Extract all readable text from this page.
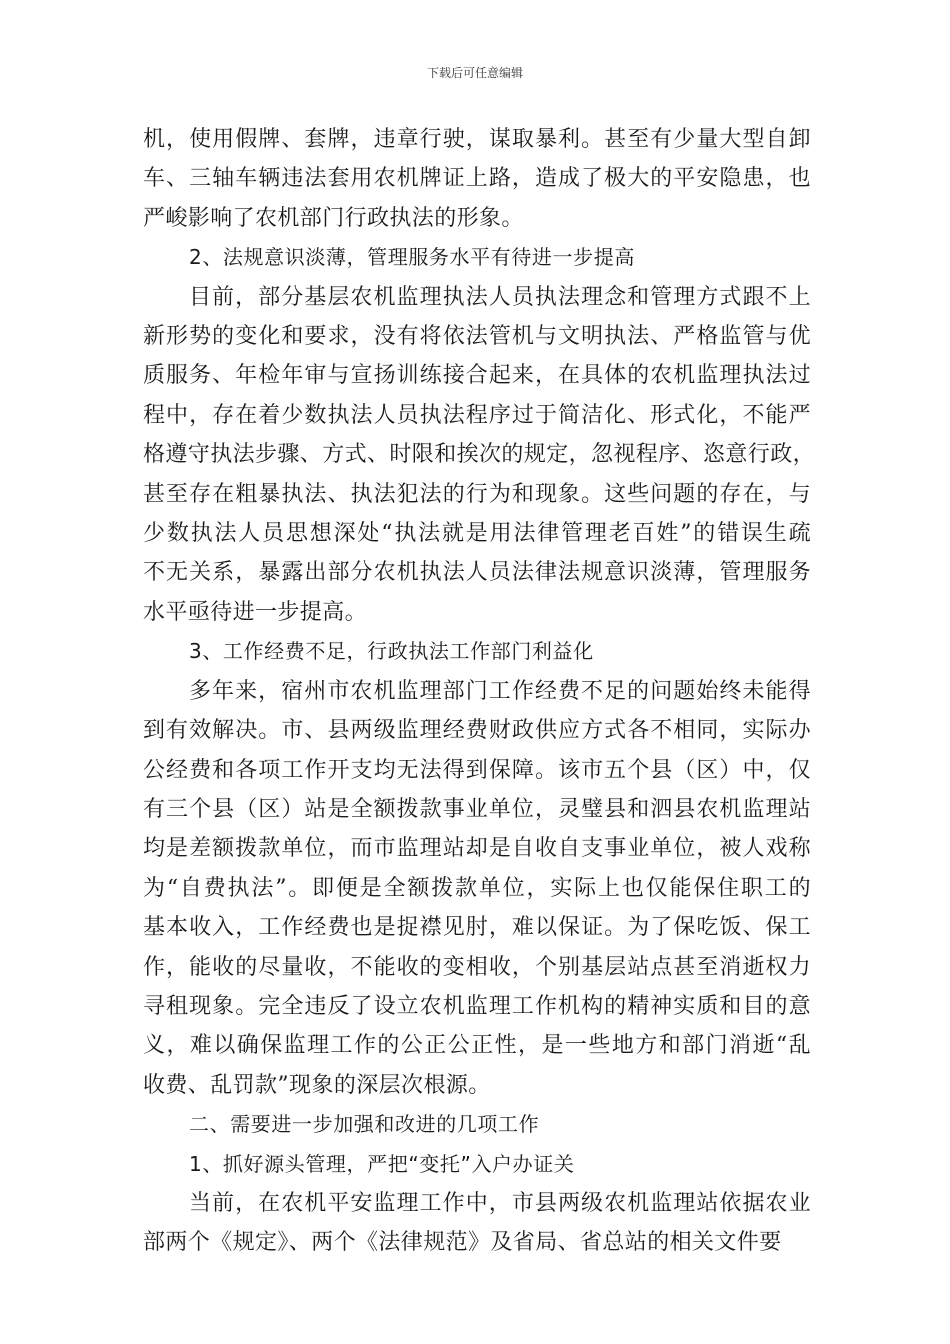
下载后可任意编辑
机，使用假牌、套牌，违章行驶，谋取暴利。甚至有少量大型自卸
车、三轴车辆违法套用农机牌证上路，造成了极大的平安隐患，也
严峻影响了农机部门行政执法的形象。

2、法规意识淡薄，管理服务水平有待进一步提高

目前，部分基层农机监理执法人员执法理念和管理方式跟不上
新形势的变化和要求，没有将依法管机与文明执法、严格监管与优
质服务、年检年审与宣扬训练接合起来，在具体的农机监理执法过
程中，存在着少数执法人员执法程序过于简洁化、形式化，不能严
格遵守执法步骤、方式、时限和挨次的规定，忽视程序、恣意行政，
甚至存在粗暴执法、执法犯法的行为和现象。这些问题的存在，与
少数执法人员思想深处“执法就是用法律管理老百姓”的错误生疏
不无关系，暴露出部分农机执法人员法律法规意识淡薄，管理服务
水平亟待进一步提高。

3、工作经费不足，行政执法工作部门利益化

多年来，宿州市农机监理部门工作经费不足的问题始终未能得
到有效解决。市、县两级监理经费财政供应方式各不相同，实际办
公经费和各项工作开支均无法得到保障。该市五个县（区）中，仅
有三个县（区）站是全额拨款事业单位，灵璧县和泗县农机监理站
均是差额拨款单位，而市监理站却是自收自支事业单位，被人戏称
为“自费执法”。即便是全额拨款单位，实际上也仅能保住职工的
基本收入，工作经费也是捉襟见肘，难以保证。为了保吃饭、保工
作，能收的尽量收，不能收的变相收，个别基层站点甚至消逝权力
寻租现象。完全违反了设立农机监理工作机构的精神实质和目的意
义，难以确保监理工作的公正公正性，是一些地方和部门消逝“乱
收费、乱罚款”现象的深层次根源。

二、需要进一步加强和改进的几项工作

1、抓好源头管理，严把“变托”入户办证关

当前，在农机平安监理工作中，市县两级农机监理站依据农业
部两个《规定》、两个《法律规范》及省局、省总站的相关文件要
